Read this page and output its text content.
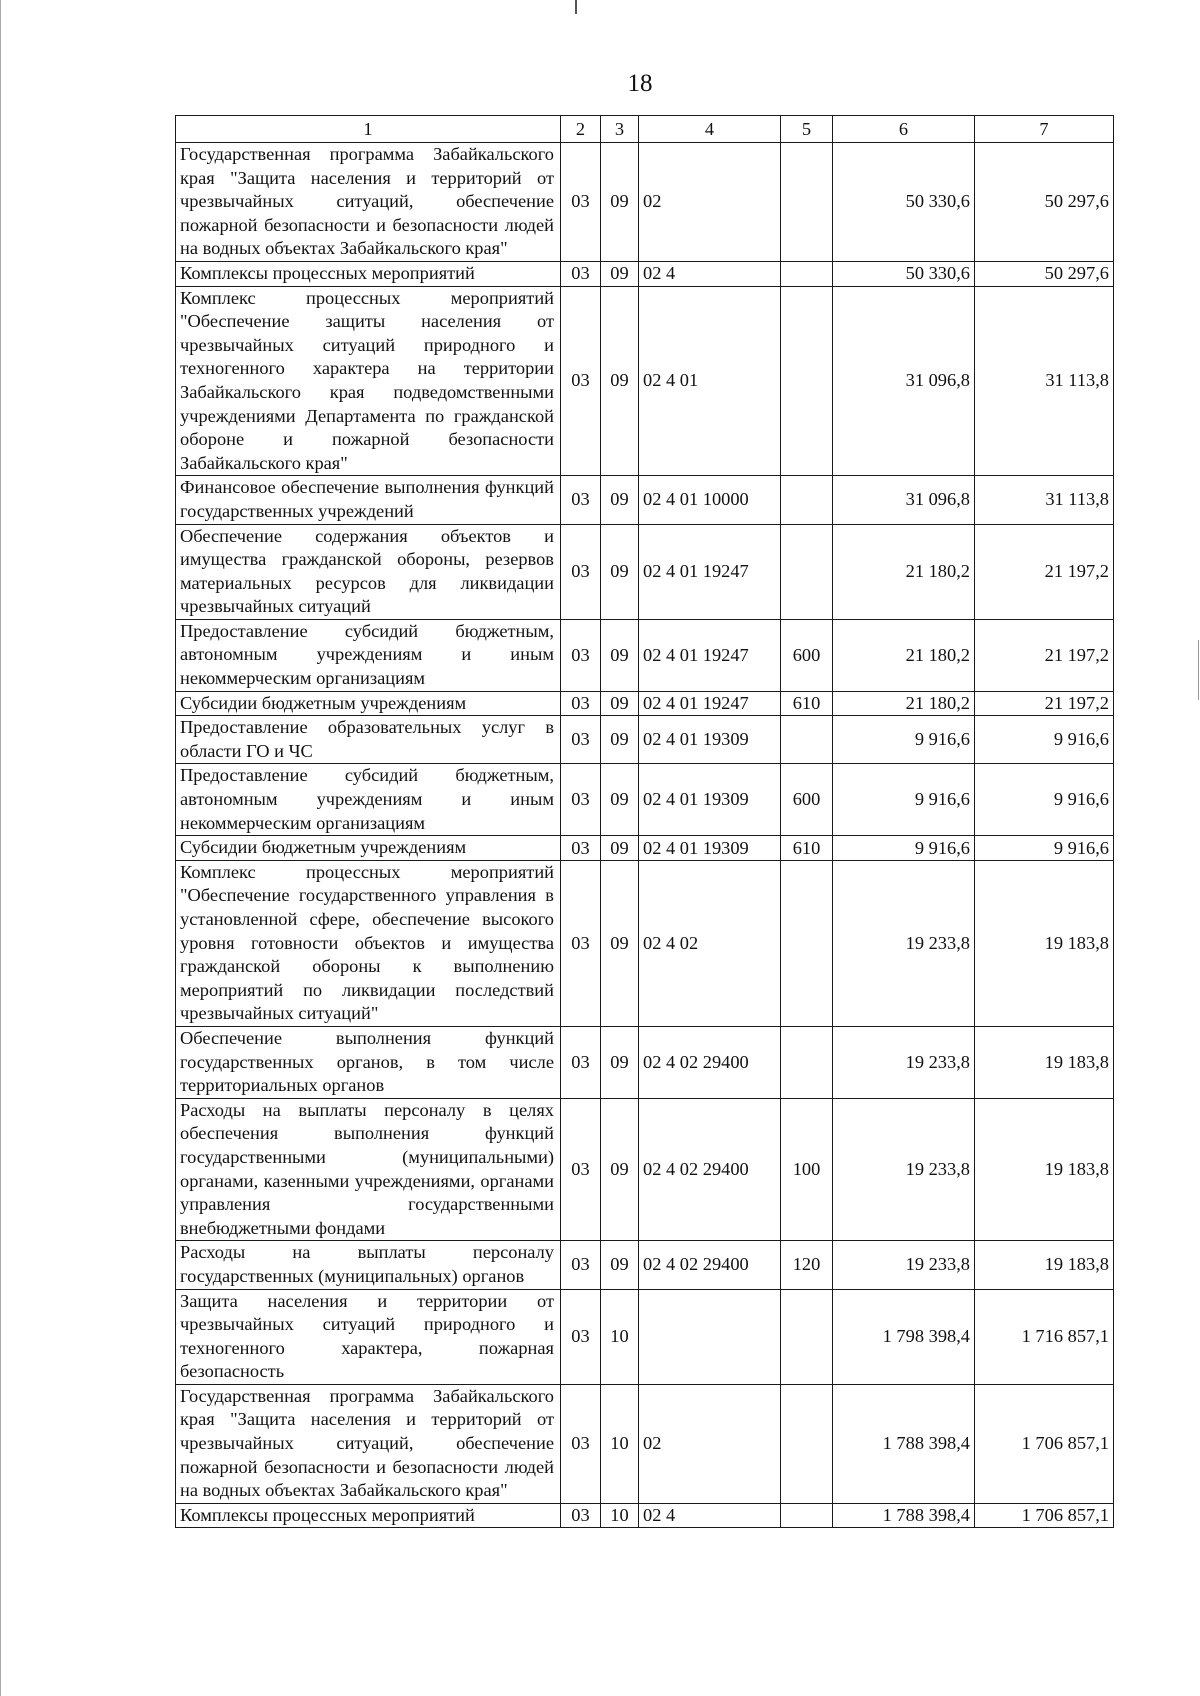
18
1	2	3	4	5	6	7
Государственная программа Забайкальского края "Защита населения и территорий от чрезвычайных ситуаций, обеспечение пожарной безопасности и безопасности людей на водных объектах Забайкальского края"	03	09	02		50 330,6	50 297,6
Комплексы процессных мероприятий	03	09	02 4		50 330,6	50 297,6
Комплекс процессных мероприятий "Обеспечение защиты населения от чрезвычайных ситуаций природного и техногенного характера на территории Забайкальского края подведомственными учреждениями Департамента по гражданской обороне и пожарной безопасности Забайкальского края"	03	09	02 4 01		31 096,8	31 113,8
Финансовое обеспечение выполнения функций государственных учреждений	03	09	02 4 01 10000		31 096,8	31 113,8
Обеспечение содержания объектов и имущества гражданской обороны, резервов материальных ресурсов для ликвидации чрезвычайных ситуаций	03	09	02 4 01 19247		21 180,2	21 197,2
Предоставление субсидий бюджетным, автономным учреждениям и иным некоммерческим организациям	03	09	02 4 01 19247	600	21 180,2	21 197,2
Субсидии бюджетным учреждениям	03	09	02 4 01 19247	610	21 180,2	21 197,2
Предоставление образовательных услуг в области ГО и ЧС	03	09	02 4 01 19309		9 916,6	9 916,6
Предоставление субсидий бюджетным, автономным учреждениям и иным некоммерческим организациям	03	09	02 4 01 19309	600	9 916,6	9 916,6
Субсидии бюджетным учреждениям	03	09	02 4 01 19309	610	9 916,6	9 916,6
Комплекс процессных мероприятий "Обеспечение государственного управления в установленной сфере, обеспечение высокого уровня готовности объектов и имущества гражданской обороны к выполнению мероприятий по ликвидации последствий чрезвычайных ситуаций"	03	09	02 4 02		19 233,8	19 183,8
Обеспечение выполнения функций государственных органов, в том числе территориальных органов	03	09	02 4 02 29400		19 233,8	19 183,8
Расходы на выплаты персоналу в целях обеспечения выполнения функций государственными (муниципальными) органами, казенными учреждениями, органами управления государственными внебюджетными фондами	03	09	02 4 02 29400	100	19 233,8	19 183,8
Расходы на выплаты персоналу государственных (муниципальных) органов	03	09	02 4 02 29400	120	19 233,8	19 183,8
Защита населения и территории от чрезвычайных ситуаций природного и техногенного характера, пожарная безопасность	03	10			1 798 398,4	1 716 857,1
Государственная программа Забайкальского края "Защита населения и территорий от чрезвычайных ситуаций, обеспечение пожарной безопасности и безопасности людей на водных объектах Забайкальского края"	03	10	02		1 788 398,4	1 706 857,1
Комплексы процессных мероприятий	03	10	02 4		1 788 398,4	1 706 857,1
